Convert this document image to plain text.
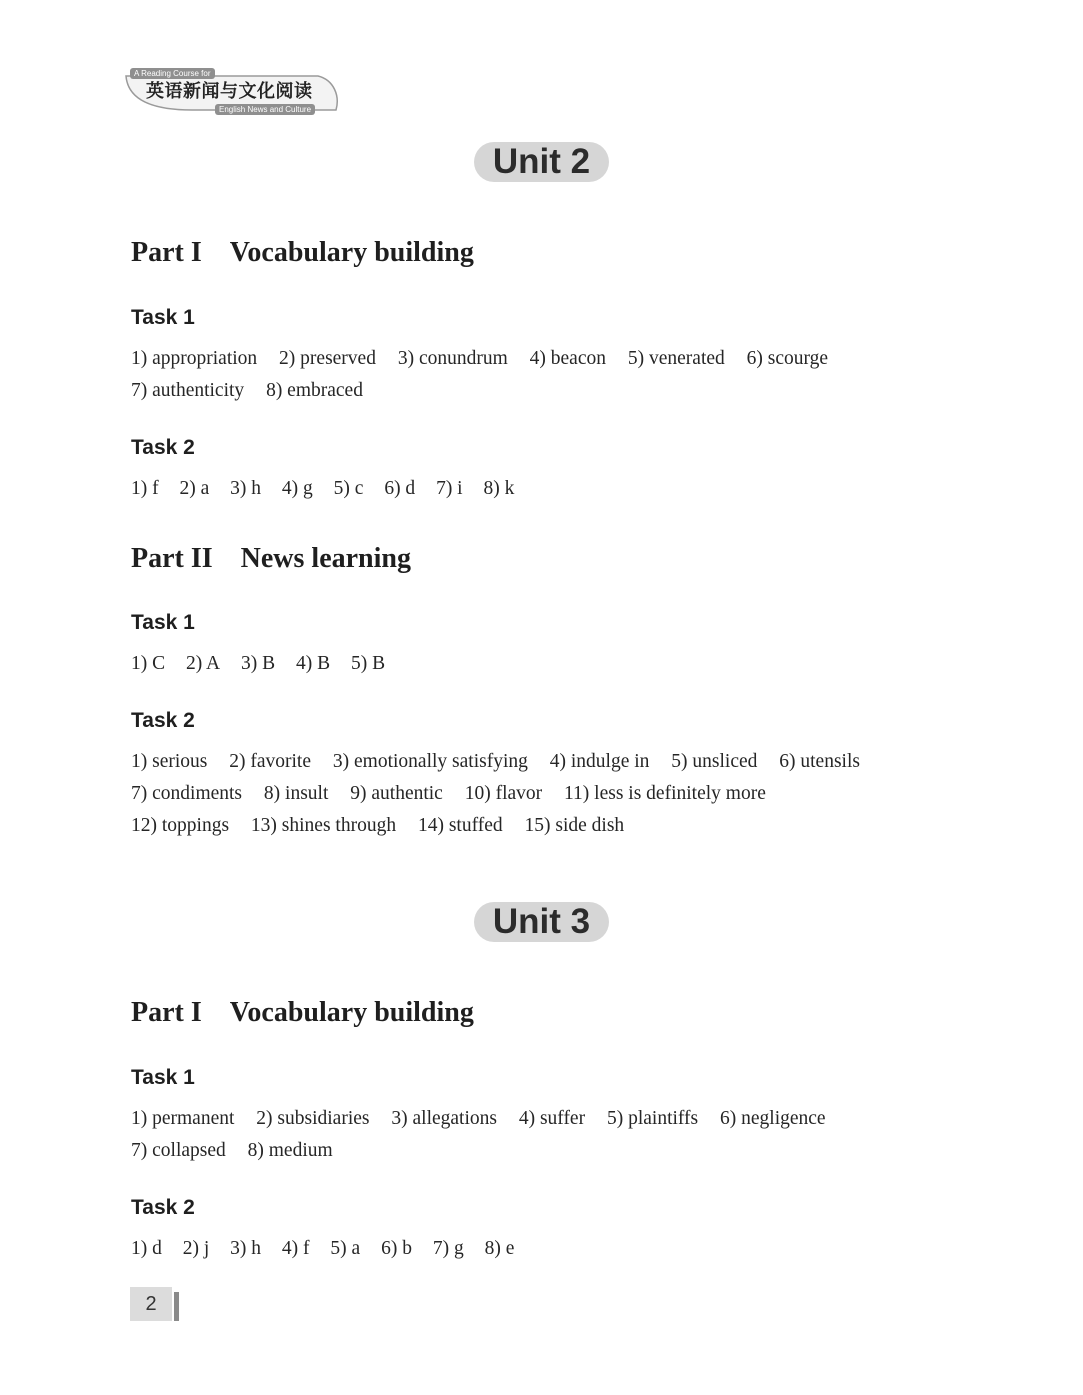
A Reading Course for
英语新闻与文化阅读
English News and Culture
Unit 2
Part I Vocabulary building
Task 1
1) appropriation 2) preserved 3) conundrum 4) beacon 5) venerated 6) scourge
7) authenticity 8) embraced
Task 2
1) f 2) a 3) h 4) g 5) c 6) d 7) i 8) k
Part II News learning
Task 1
1) C 2) A 3) B 4) B 5) B
Task 2
1) serious 2) favorite 3) emotionally satisfying 4) indulge in 5) unsliced 6) utensils
7) condiments 8) insult 9) authentic 10) flavor 11) less is definitely more
12) toppings 13) shines through 14) stuffed 15) side dish
Unit 3
Part I Vocabulary building
Task 1
1) permanent 2) subsidiaries 3) allegations 4) suffer 5) plaintiffs 6) negligence
7) collapsed 8) medium
Task 2
1) d 2) j 3) h 4) f 5) a 6) b 7) g 8) e
2
